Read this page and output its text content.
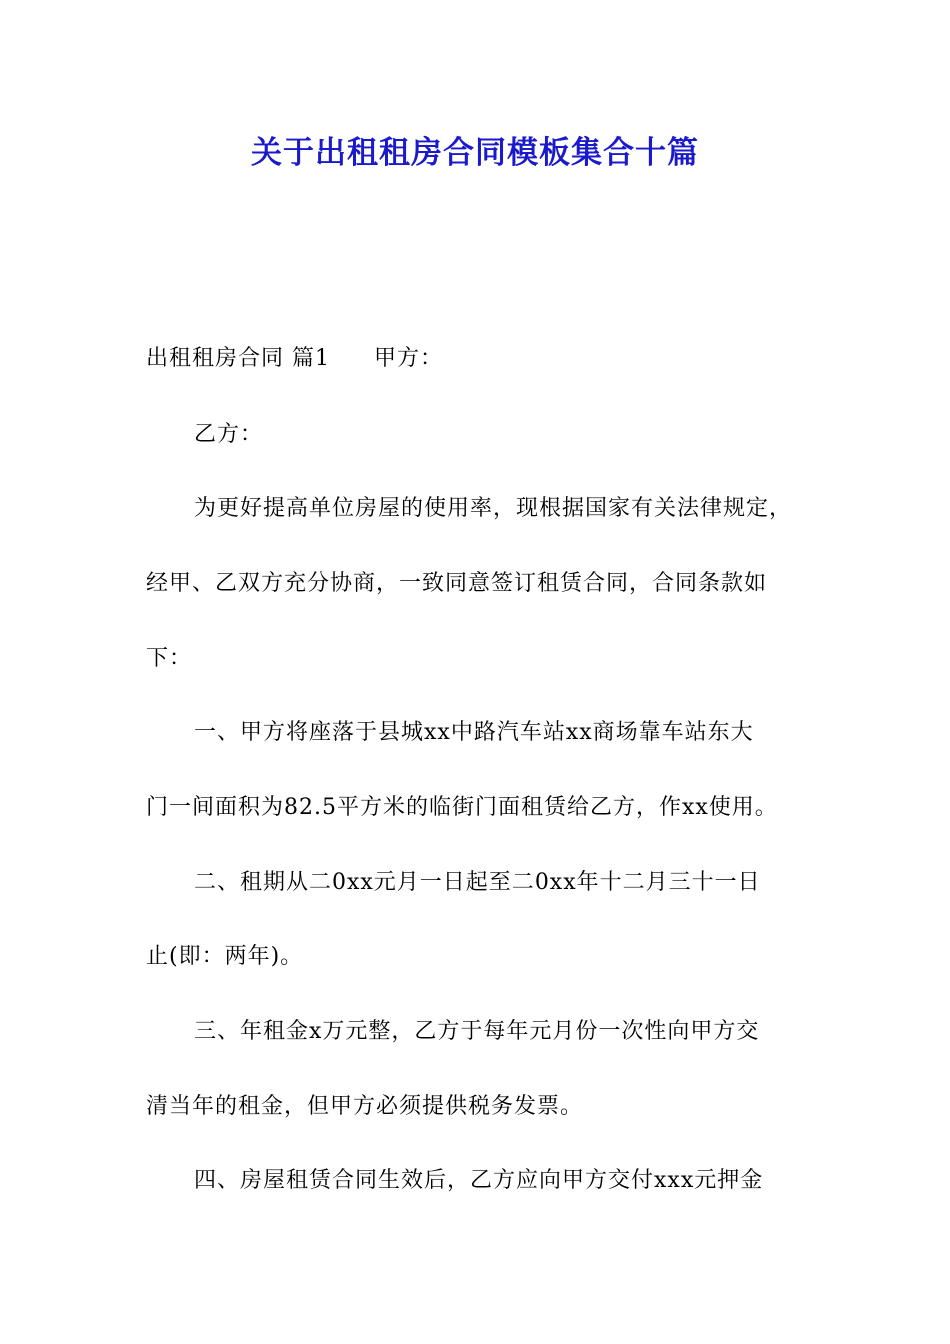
关于出租租房合同模板集合十篇
出租租房合同 篇1 甲方：
乙方：
为更好提高单位房屋的使用率，现根据国家有关法律规定，
经甲、乙双方充分协商，一致同意签订租赁合同，合同条款如
下：
一、甲方将座落于县城xx中路汽车站xx商场靠车站东大
门一间面积为82.5平方米的临街门面租赁给乙方，作xx使用。
二、租期从二0xx元月一日起至二0xx年十二月三十一日
止(即：两年)。
三、年租金x万元整，乙方于每年元月份一次性向甲方交
清当年的租金，但甲方必须提供税务发票。
四、房屋租赁合同生效后，乙方应向甲方交付xxx元押金
